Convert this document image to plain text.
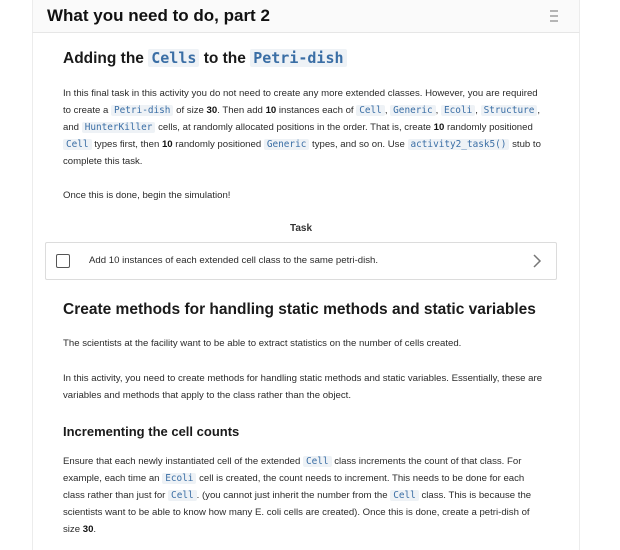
What you need to do, part 2
Adding the Cells to the Petri-dish

In this final task in this activity you do not need to create any more extended classes. However, you are required to create a Petri-dish of size 30. Then add 10 instances each of Cell , Generic , Ecoli , Structure , and HunterKiller cells, at randomly allocated positions in the order. That is, create 10 randomly positioned Cell types first, then 10 randomly positioned Generic types, and so on. Use activity2_task5() stub to complete this task.

Once this is done, begin the simulation!

Task
Add 10 instances of each extended cell class to the same petri-dish.
Create methods for handling static methods and static variables

The scientists at the facility want to be able to extract statistics on the number of cells created.

In this activity, you need to create methods for handling static methods and static variables. Essentially, these are variables and methods that apply to the class rather than the object.

Incrementing the cell counts

Ensure that each newly instantiated cell of the extended Cell class increments the count of that class. For example, each time an Ecoli cell is created, the count needs to increment. This needs to be done for each class rather than just for Cell . (you cannot just inherit the number from the Cell class. This is because the scientists want to be able to know how many E. coli cells are created). Once this is done, create a petri-dish of size 30.
